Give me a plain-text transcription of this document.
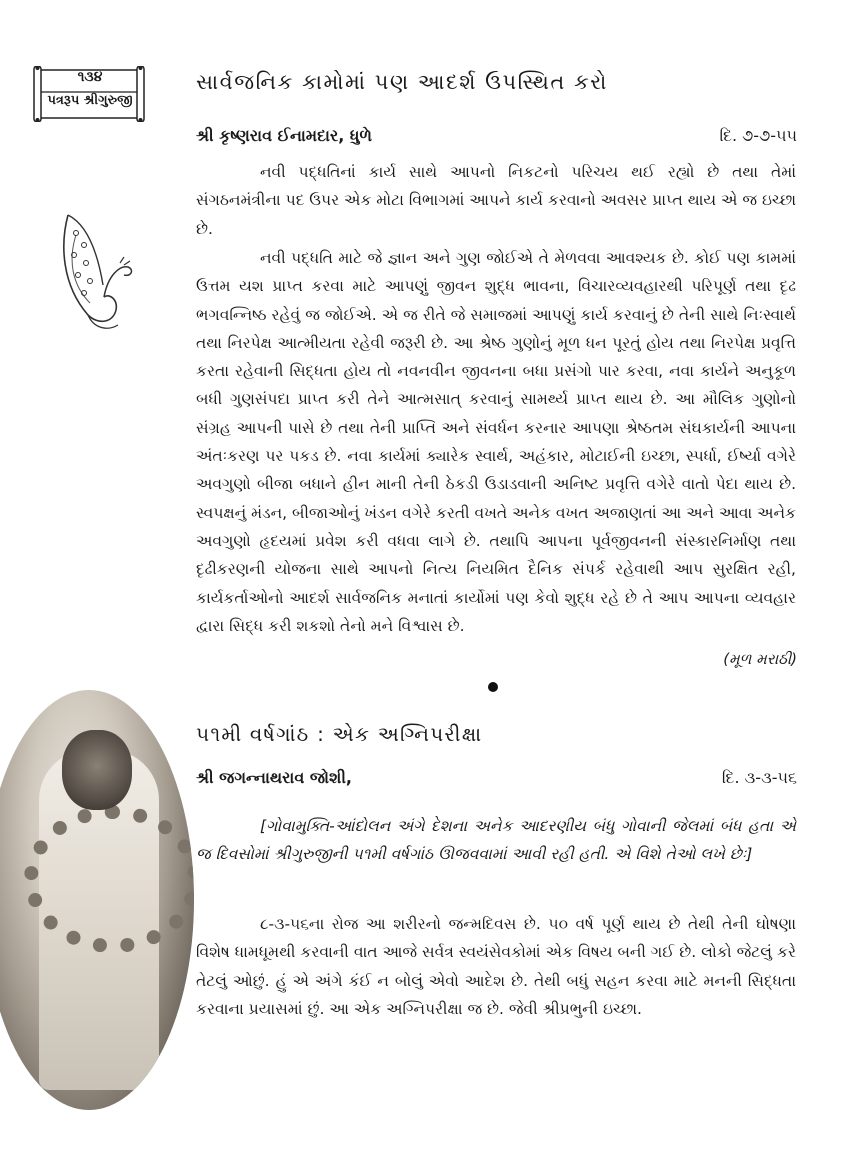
૧૩૪
પત્રરૂપ શ્રીગુરુજી
સાર્વજનિક કામોમાં પણ આદર્શ ઉપસ્થિત કરો
શ્રી કૃષ્ણરાવ ઈનામદાર, ધુળે	દિ. ૭-૭-૫૫

નવી પદ્ધતિનાં કાર્ય સાથે આપનો નિકટનો પરિચય થઈ રહ્યો છે તથા તેમાં સંગઠનમંત્રીના પદ ઉપર એક મોટા વિભાગમાં આપને કાર્ય કરવાનો અવસર પ્રાપ્ત થાય એ જ ઇચ્છા છે.

નવી પદ્ધતિ માટે જે જ્ઞાન અને ગુણ જોઈએ તે મેળવવા આવશ્યક છે. કોઈ પણ કામમાં ઉત્તમ યશ પ્રાપ્ત કરવા માટે આપણું જીવન શુદ્ધ ભાવના, વિચારવ્યવહારથી પરિપૂર્ણ તથા દૃઢ ભગવન્નિષ્ઠ રહેવું જ જોઈએ. એ જ રીતે જે સમાજમાં આપણું કાર્ય કરવાનું છે તેની સાથે નિઃસ્વાર્થ તથા નિરપેક્ષ આત્મીયતા રહેવી જરૂરી છે. આ શ્રેષ્ઠ ગુણોનું મૂળ ધન પૂરતું હોય તથા નિરપેક્ષ પ્રવૃત્તિ કરતા રહેવાની સિદ્ધતા હોય તો નવનવીન જીવનના બધા પ્રસંગો પાર કરવા, નવા કાર્યને અનુકૂળ બધી ગુણસંપદા પ્રાપ્ત કરી તેને આત્મસાત્ કરવાનું સામર્થ્ય પ્રાપ્ત થાય છે. આ મૌલિક ગુણોનો સંગ્રહ આપની પાસે છે તથા તેની પ્રાપ્તિ અને સંવર્ધન કરનાર આપણા શ્રેષ્ઠતમ સંઘકાર્યની આપના અંતઃકરણ પર પકડ છે. નવા કાર્યમાં ક્યારેક સ્વાર્થ, અહંકાર, મોટાઈની ઇચ્છા, સ્પર્ધા, ઈર્ષ્યા વગેરે અવગુણો બીજા બધાને હીન માની તેની ઠેકડી ઉડાડવાની અનિષ્ટ પ્રવૃત્તિ વગેરે વાતો પેદા થાય છે. સ્વપક્ષનું મંડન, બીજાઓનું ખંડન વગેરે કરતી વખતે અનેક વખત અજાણતાં આ અને આવા અનેક અવગુણો હૃદયમાં પ્રવેશ કરી વધવા લાગે છે. તથાપિ આપના પૂર્વજીવનની સંસ્કારનિર્માણ તથા દૃઢીકરણની યોજના સાથે આપનો નિત્ય નિયમિત દૈનિક સંપર્ક રહેવાથી આપ સુરક્ષિત રહી, કાર્યકર્તાઓનો આદર્શ સાર્વજનિક મનાતાં કાર્યોમાં પણ કેવો શુદ્ધ રહે છે તે આપ આપના વ્યવહાર દ્વારા સિદ્ધ કરી શકશો તેનો મને વિશ્વાસ છે.

(મૂળ મરાઠી)
૫૧મી વર્ષગાંઠ : એક અગ્નિપરીક્ષા
શ્રી જગન્નાથરાવ જોશી,	દિ. ૩-૩-૫૬

[ગોવામુક્તિ-આંદોલન અંગે દેશના અનેક આદરણીય બંધુ ગોવાની જેલમાં બંધ હતા એ જ દિવસોમાં શ્રીગુરુજીની ૫૧મી વર્ષગાંઠ ઊજવવામાં આવી રહી હતી. એ વિશે તેઓ લખે છેઃ]

૮-૩-૫૬ના રોજ આ શરીરનો જન્મદિવસ છે. ૫૦ વર્ષ પૂર્ણ થાય છે તેથી તેની ઘોષણા વિશેષ ધામધૂમથી કરવાની વાત આજે સર્વત્ર સ્વયંસેવકોમાં એક વિષય બની ગઈ છે. લોકો જેટલું કરે તેટલું ઓછું. હું એ અંગે કંઈ ન બોલું એવો આદેશ છે. તેથી બધું સહન કરવા માટે મનની સિદ્ધતા કરવાના પ્રયાસમાં છું. આ એક અગ્નિપરીક્ષા જ છે. જેવી શ્રીપ્રભુની ઇચ્છા.
